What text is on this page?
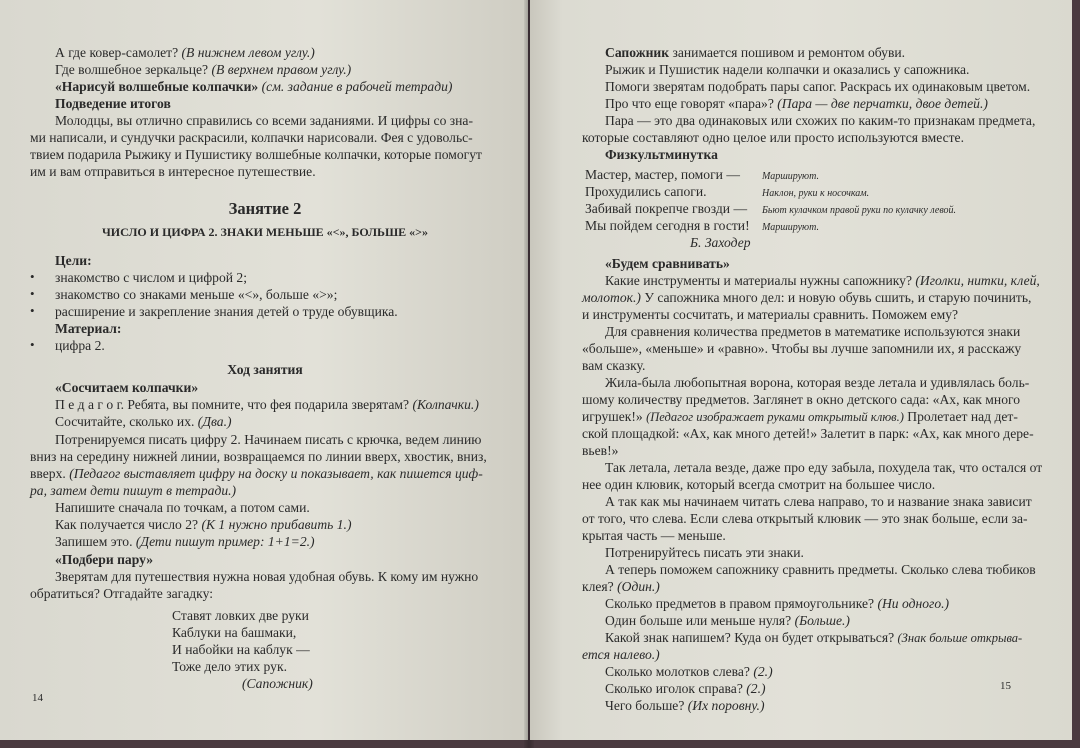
А где ковер-самолет? (В нижнем левом углу.)
Где волшебное зеркальце? (В верхнем правом углу.)
«Нарисуй волшебные колпачки» (см. задание в рабочей тетради)
Подведение итогов
Молодцы, вы отлично справились со всеми заданиями. И цифры со зна-
ми написали, и сундучки раскрасили, колпачки нарисовали. Фея с удовольс-
твием подарила Рыжику и Пушистику волшебные колпачки, которые помогут
им и вам отправиться в интересное путешествие.
Занятие 2
ЧИСЛО И ЦИФРА 2. ЗНАКИ МЕНЬШЕ «<», БОЛЬШЕ «>»
Цели:
• знакомство с числом и цифрой 2;
• знакомство со знаками меньше «<», больше «>»;
• расширение и закрепление знания детей о труде обувщика.
Материал:
• цифра 2.
Ход занятия
«Сосчитаем колпачки»
П е д а г о г. Ребята, вы помните, что фея подарила зверятам? (Колпачки.)
Сосчитайте, сколько их. (Два.)
Потренируемся писать цифру 2. Начинаем писать с крючка, ведем линию
вниз на середину нижней линии, возвращаемся по линии вверх, хвостик, вниз,
вверх. (Педагог выставляет цифру на доску и показывает, как пишется циф-
ра, затем дети пишут в тетради.)
Напишите сначала по точкам, а потом сами.
Как получается число 2? (К 1 нужно прибавить 1.)
Запишем это. (Дети пишут пример: 1+1=2.)
«Подбери пару»
Зверятам для путешествия нужна новая удобная обувь. К кому им нужно
обратиться? Отгадайте загадку:
Ставят ловких две руки
Каблуки на башмаки,
И набойки на каблук —
Тоже дело этих рук.
(Сапожник)
14
Сапожник занимается пошивом и ремонтом обуви.
Рыжик и Пушистик надели колпачки и оказались у сапожника.
Помоги зверятам подобрать пары сапог. Раскрась их одинаковым цветом.
Про что еще говорят «пара»? (Пара — две перчатки, двое детей.)
Пара — это два одинаковых или схожих по каким-то признакам предмета,
которые составляют одно целое или просто используются вместе.
Физкультминутка
Мастер, мастер, помоги — Маршируют.
Прохудились сапоги.	Наклон, руки к носочкам.
Забивай покрепче гвозди — Бьют кулачком правой руки по кулачку левой.
Мы пойдем сегодня в гости! Маршируют.
Б. Заходер
«Будем сравнивать»
Какие инструменты и материалы нужны сапожнику? (Иголки, нитки, клей,
молоток.) У сапожника много дел: и новую обувь сшить, и старую починить,
и инструменты сосчитать, и материалы сравнить. Поможем ему?
Для сравнения количества предметов в математике используются знаки
«больше», «меньше» и «равно». Чтобы вы лучше запомнили их, я расскажу
вам сказку.
Жила-была любопытная ворона, которая везде летала и удивлялась боль-
шому количеству предметов. Заглянет в окно детского сада: «Ах, как много
игрушек!» (Педагог изображает руками открытый клюв.) Пролетает над дет-
ской площадкой: «Ах, как много детей!» Залетит в парк: «Ах, как много дере-
вьев!»
Так летала, летала везде, даже про еду забыла, похудела так, что остался от
нее один клювик, который всегда смотрит на большее число.
А так как мы начинаем читать слева направо, то и название знака зависит
от того, что слева. Если слева открытый клювик — это знак больше, если за-
крытая часть — меньше.
Потренируйтесь писать эти знаки.
А теперь поможем сапожнику сравнить предметы. Сколько слева тюбиков
клея? (Один.)
Сколько предметов в правом прямоугольнике? (Ни одного.)
Один больше или меньше нуля? (Больше.)
Какой знак напишем? Куда он будет открываться? (Знак больше открыва-
ется налево.)
Сколько молотков слева? (2.)
Сколько иголок справа? (2.)
Чего больше? (Их поровну.)
15
